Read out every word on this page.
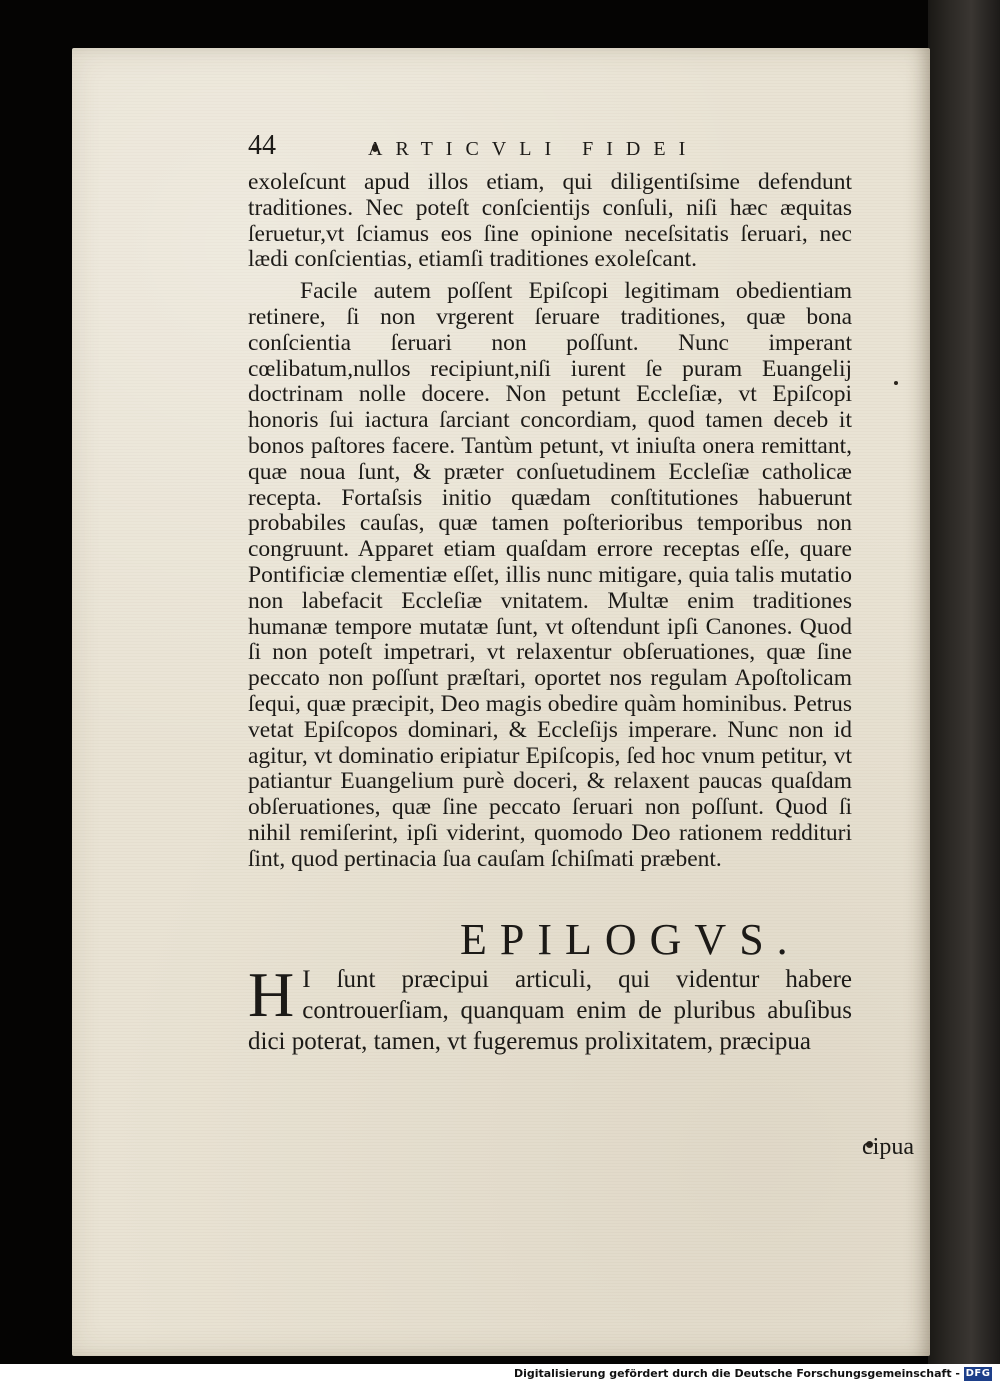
44	ARTICVLI FIDEI

exoleſcunt apud illos etiam, qui diligentiſsime defendunt traditiones. Nec poteſt conſcientijs conſuli, niſi hæc æquitas ſeruetur,vt ſciamus eos ſine opinione neceſsitatis ſeruari, nec lædi conſcientias, etiamſi traditiones exoleſcant.

Facile autem poſſent Epiſcopi legitimam obedientiam retinere, ſi non vrgerent ſeruare traditiones, quæ bona conſcientia ſeruari non poſſunt. Nunc imperant cœlibatum,nullos recipiunt,niſi iurent ſe puram Euangelij doctrinam nolle docere. Non petunt Eccleſiæ, vt Epiſcopi honoris ſui iactura ſarciant concordiam, quod tamen deceb it bonos paſtores facere. Tantùm petunt, vt iniuſta onera remittant, quæ noua ſunt, & præter conſuetudinem Eccleſiæ catholicæ recepta. Fortaſsis initio quædam conſtitutiones habuerunt probabiles cauſas, quæ tamen poſterioribus temporibus non congruunt. Apparet etiam quaſdam errore receptas eſſe, quare Pontificiæ clementiæ eſſet, illis nunc mitigare, quia talis mutatio non labefacit Eccleſiæ vnitatem. Multæ enim traditiones humanæ tempore mutatæ ſunt, vt oſtendunt ipſi Canones. Quod ſi non poteſt impetrari, vt relaxentur obſeruationes, quæ ſine peccato non poſſunt præſtari, oportet nos regulam Apoſtolicam ſequi, quæ præcipit, Deo magis obedire quàm hominibus. Petrus vetat Epiſcopos dominari, & Eccleſijs imperare. Nunc non id agitur, vt dominatio eripiatur Epiſcopis, ſed hoc vnum petitur, vt patiantur Euangelium purè doceri, & relaxent paucas quaſdam obſeruationes, quæ ſine peccato ſeruari non poſſunt. Quod ſi nihil remiſerint, ipſi viderint, quomodo Deo rationem reddituri ſint, quod pertinacia ſua cauſam ſchiſmati præbent.

EPILOGVS.
H I ſunt præcipui articuli, qui videntur habere controuerſiam, quanquam enim de pluribus abuſibus dici poterat, tamen, vt fugeremus prolixitatem, præcipua
cipua
Digitalisierung gefördert durch die Deutsche Forschungsgemeinschaft - DFG
